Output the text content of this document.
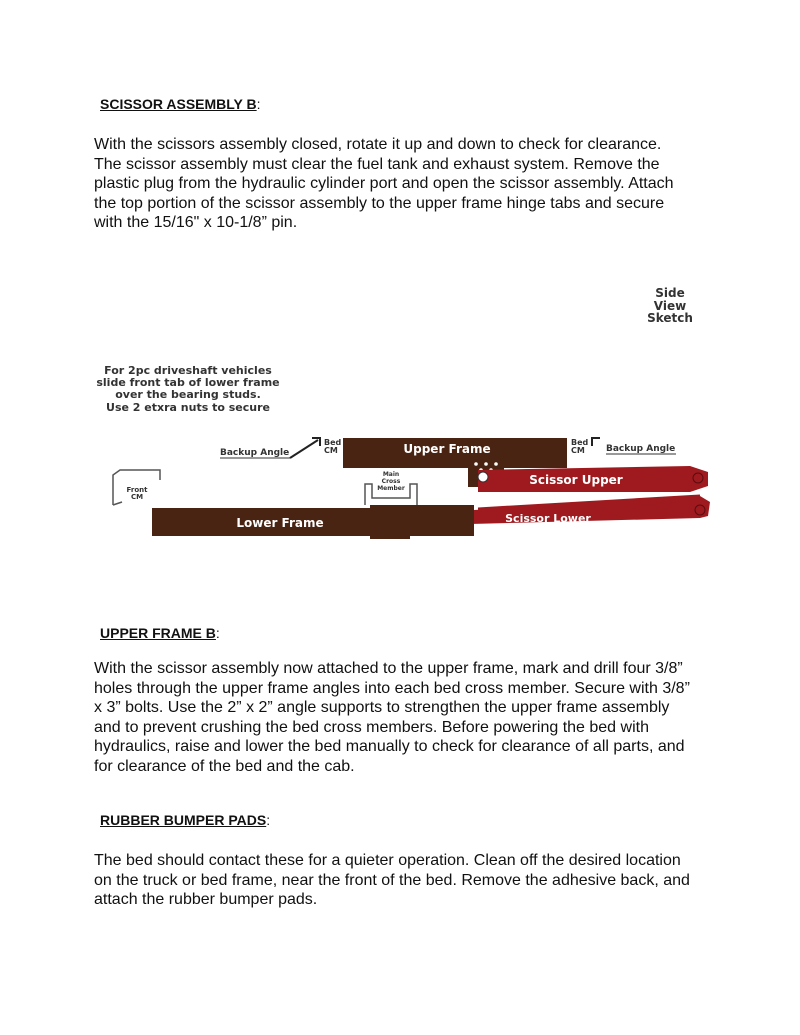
SCISSOR ASSEMBLY B:
With the scissors assembly closed, rotate it up and down to check for clearance.
The scissor assembly must clear the fuel tank and exhaust system. Remove the
plastic plug from the hydraulic cylinder port and open the scissor assembly. Attach
the top portion of the scissor assembly to the upper frame hinge tabs and secure
with the 15/16" x 10-1/8” pin.
Side
View
Sketch
For 2pc driveshaft vehicles
slide front tab of lower frame
over the bearing studs.
Use 2 etxra nuts to secure
Backup Angle
Bed
CM
Bed
CM Backup Angle
Upper Frame
Scissor Upper
Scissor Lower
Main
Cross
Member
Lower Frame
Front
CM
UPPER FRAME B:
With the scissor assembly now attached to the upper frame, mark and drill four 3/8”
holes through the upper frame angles into each bed cross member. Secure with 3/8”
x 3” bolts. Use the 2” x 2” angle supports to strengthen the upper frame assembly
and to prevent crushing the bed cross members. Before powering the bed with
hydraulics, raise and lower the bed manually to check for clearance of all parts, and
for clearance of the bed and the cab.
RUBBER BUMPER PADS:
The bed should contact these for a quieter operation. Clean off the desired location
on the truck or bed frame, near the front of the bed. Remove the adhesive back, and
attach the rubber bumper pads.
